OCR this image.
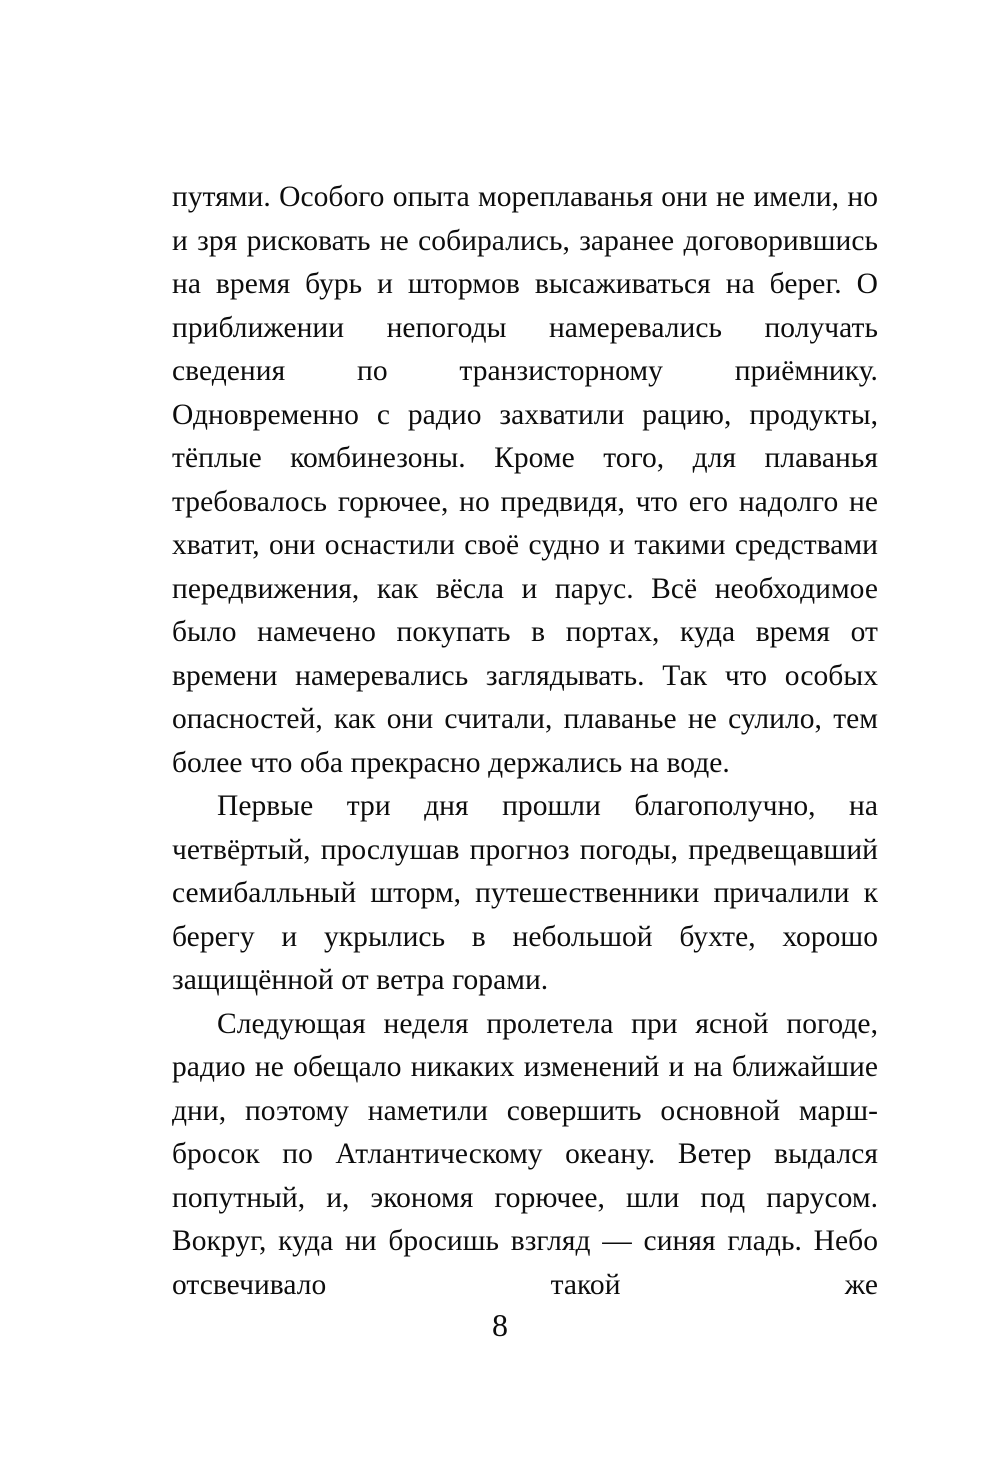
путями. Особого опыта мореплаванья они не имели, но и зря рисковать не собирались, заранее договорившись на время бурь и штормов высаживаться на берег. О приближении непогоды намеревались получать сведения по транзисторному приёмнику. Одновременно с радио захватили рацию, продукты, тёплые комбинезоны. Кроме того, для плаванья требовалось горючее, но предвидя, что его надолго не хватит, они оснастили своё судно и такими средствами передвижения, как вёсла и парус. Всё необходимое было намечено покупать в портах, куда время от времени намеревались заглядывать. Так что особых опасностей, как они считали, плаванье не сулило, тем более что оба прекрасно держались на воде.

Первые три дня прошли благополучно, на четвёртый, прослушав прогноз погоды, предвещавший семибалльный шторм, путешественники причалили к берегу и укрылись в небольшой бухте, хорошо защищённой от ветра горами.

Следующая неделя пролетела при ясной погоде, радио не обещало никаких изменений и на ближайшие дни, поэтому наметили совершить основной марш-бросок по Атлантическому океану. Ветер выдался попутный, и, экономя горючее, шли под парусом. Вокруг, куда ни бросишь взгляд — синяя гладь. Небо отсвечивало такой же

8
